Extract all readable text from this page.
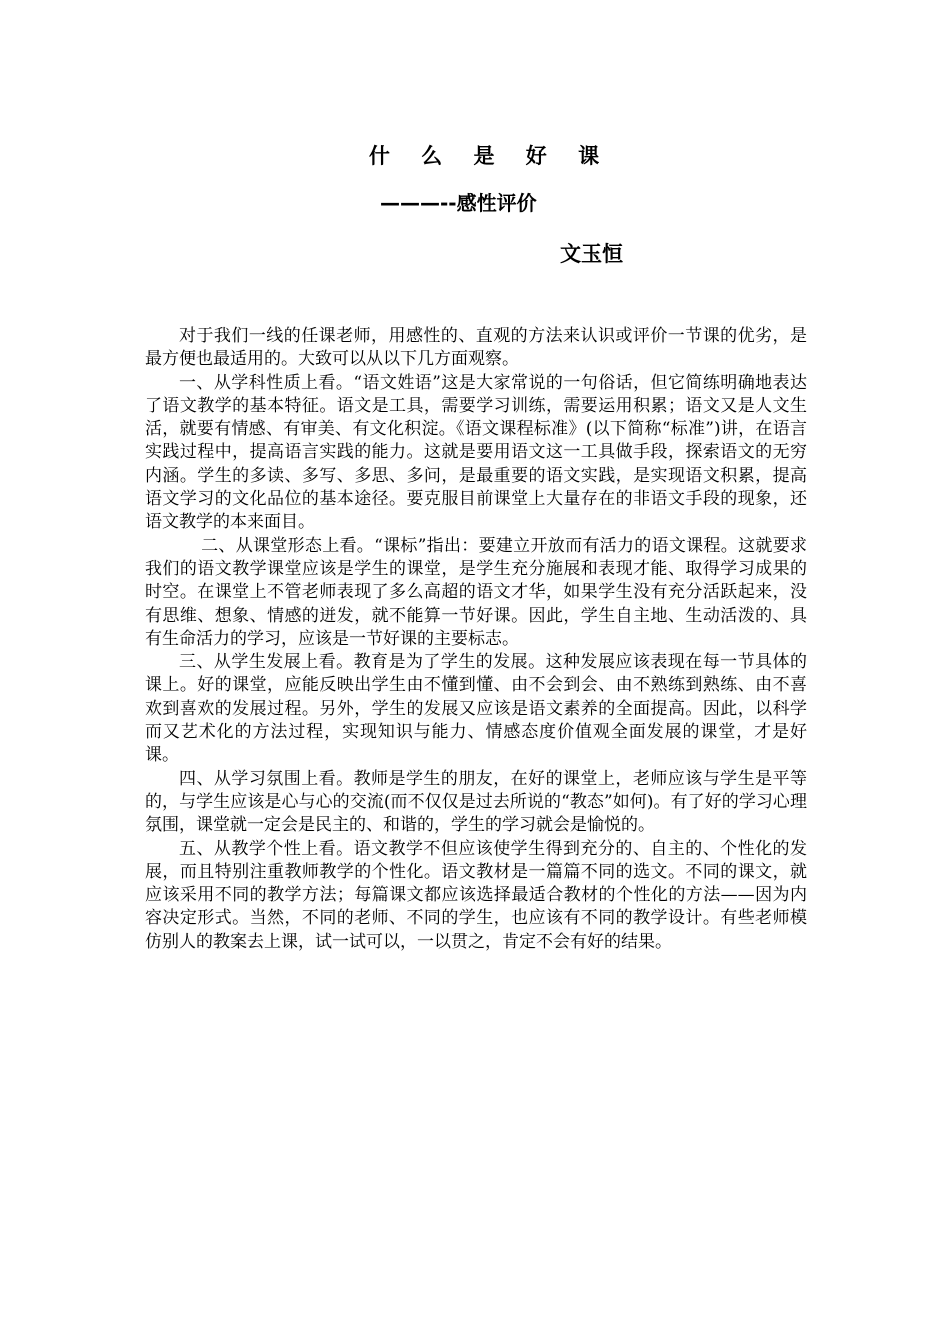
什 么 是 好 课
———--感性评价
文玉恒

对于我们一线的任课老师，用感性的、直观的方法来认识或评价一节课的优劣，是最方便也最适用的。大致可以从以下几方面观察。

一、从学科性质上看。“语文姓语”这是大家常说的一句俗话，但它简练明确地表达了语文教学的基本特征。语文是工具，需要学习训练，需要运用积累；语文又是人文生活，就要有情感、有审美、有文化积淀。《语文课程标准》(以下简称“标准”)讲，在语言实践过程中，提高语言实践的能力。这就是要用语文这一工具做手段，探索语文的无穷内涵。学生的多读、多写、多思、多问，是最重要的语文实践，是实现语文积累，提高语文学习的文化品位的基本途径。要克服目前课堂上大量存在的非语文手段的现象，还语文教学的本来面目。

二、从课堂形态上看。“课标”指出：要建立开放而有活力的语文课程。这就要求我们的语文教学课堂应该是学生的课堂，是学生充分施展和表现才能、取得学习成果的时空。在课堂上不管老师表现了多么高超的语文才华，如果学生没有充分活跃起来，没有思维、想象、情感的迸发，就不能算一节好课。因此，学生自主地、生动活泼的、具有生命活力的学习，应该是一节好课的主要标志。

三、从学生发展上看。教育是为了学生的发展。这种发展应该表现在每一节具体的课上。好的课堂，应能反映出学生由不懂到懂、由不会到会、由不熟练到熟练、由不喜欢到喜欢的发展过程。另外，学生的发展又应该是语文素养的全面提高。因此，以科学而又艺术化的方法过程，实现知识与能力、情感态度价值观全面发展的课堂，才是好课。

四、从学习氛围上看。教师是学生的朋友，在好的课堂上，老师应该与学生是平等的，与学生应该是心与心的交流(而不仅仅是过去所说的“教态”如何)。有了好的学习心理氛围，课堂就一定会是民主的、和谐的，学生的学习就会是愉悦的。

五、从教学个性上看。语文教学不但应该使学生得到充分的、自主的、个性化的发展，而且特别注重教师教学的个性化。语文教材是一篇篇不同的选文。不同的课文，就应该采用不同的教学方法；每篇课文都应该选择最适合教材的个性化的方法——因为内容决定形式。当然，不同的老师、不同的学生，也应该有不同的教学设计。有些老师模仿别人的教案去上课，试一试可以，一以贯之，肯定不会有好的结果。
